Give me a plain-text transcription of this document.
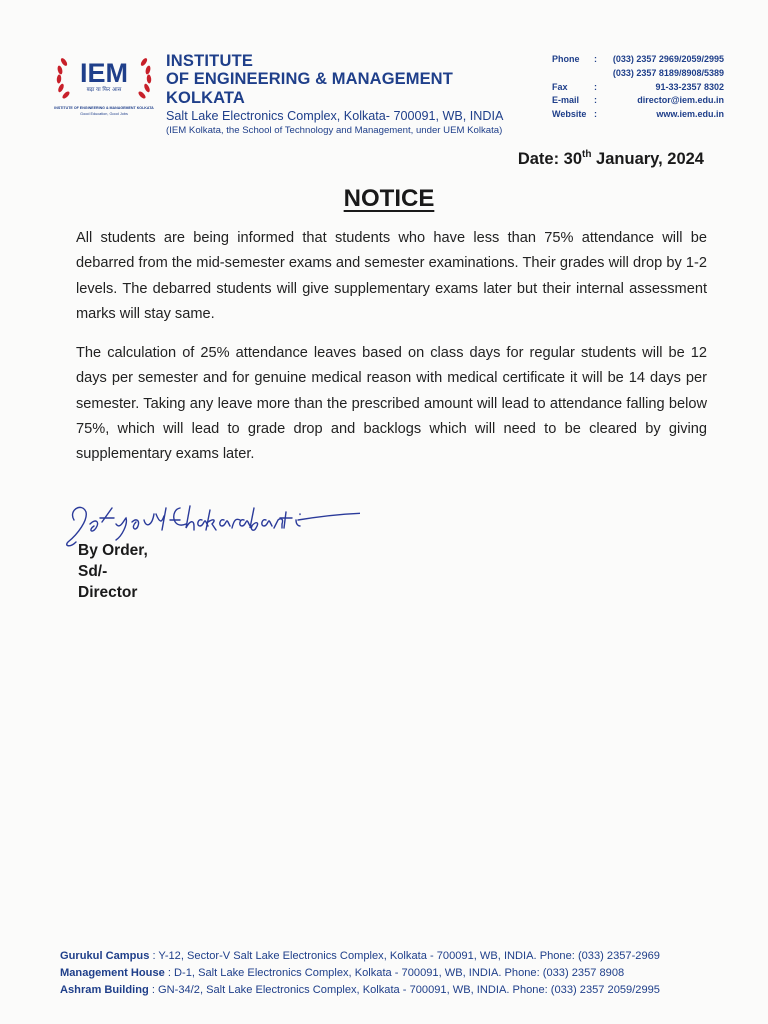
IEM
बढ़ा या फिर आस
INSTITUTE OF ENGINEERING & MANAGEMENT KOLKATA
Good Education, Good Jobs
INSTITUTE
OF ENGINEERING & MANAGEMENT KOLKATA
Salt Lake Electronics Complex, Kolkata- 700091, WB, INDIA
(IEM Kolkata, the School of Technology and Management, under UEM Kolkata)
Phone	:	(033) 2357 2969/2059/2995
(033) 2357 8189/8908/5389
Fax	:	91-33-2357 8302
E-mail	:	director@iem.edu.in
Website :	www.iem.edu.in
Date: 30th January, 2024
NOTICE
All students are being informed that students who have less than 75% attendance will be debarred from the mid-semester exams and semester examinations. Their grades will drop by 1-2 levels. The debarred students will give supplementary exams later but their internal assessment marks will stay same.
The calculation of 25% attendance leaves based on class days for regular students will be 12 days per semester and for genuine medical reason with medical certificate it will be 14 days per semester. Taking any leave more than the prescribed amount will lead to attendance falling below 75%, which will lead to grade drop and backlogs which will need to be cleared by giving supplementary exams later.
By Order,
Sd/-
Director
Gurukul Campus : Y-12, Sector-V Salt Lake Electronics Complex, Kolkata - 700091, WB, INDIA. Phone: (033) 2357-2969
Management House : D-1, Salt Lake Electronics Complex, Kolkata - 700091, WB, INDIA. Phone: (033) 2357 8908
Ashram Building : GN-34/2, Salt Lake Electronics Complex, Kolkata - 700091, WB, INDIA. Phone: (033) 2357 2059/2995
